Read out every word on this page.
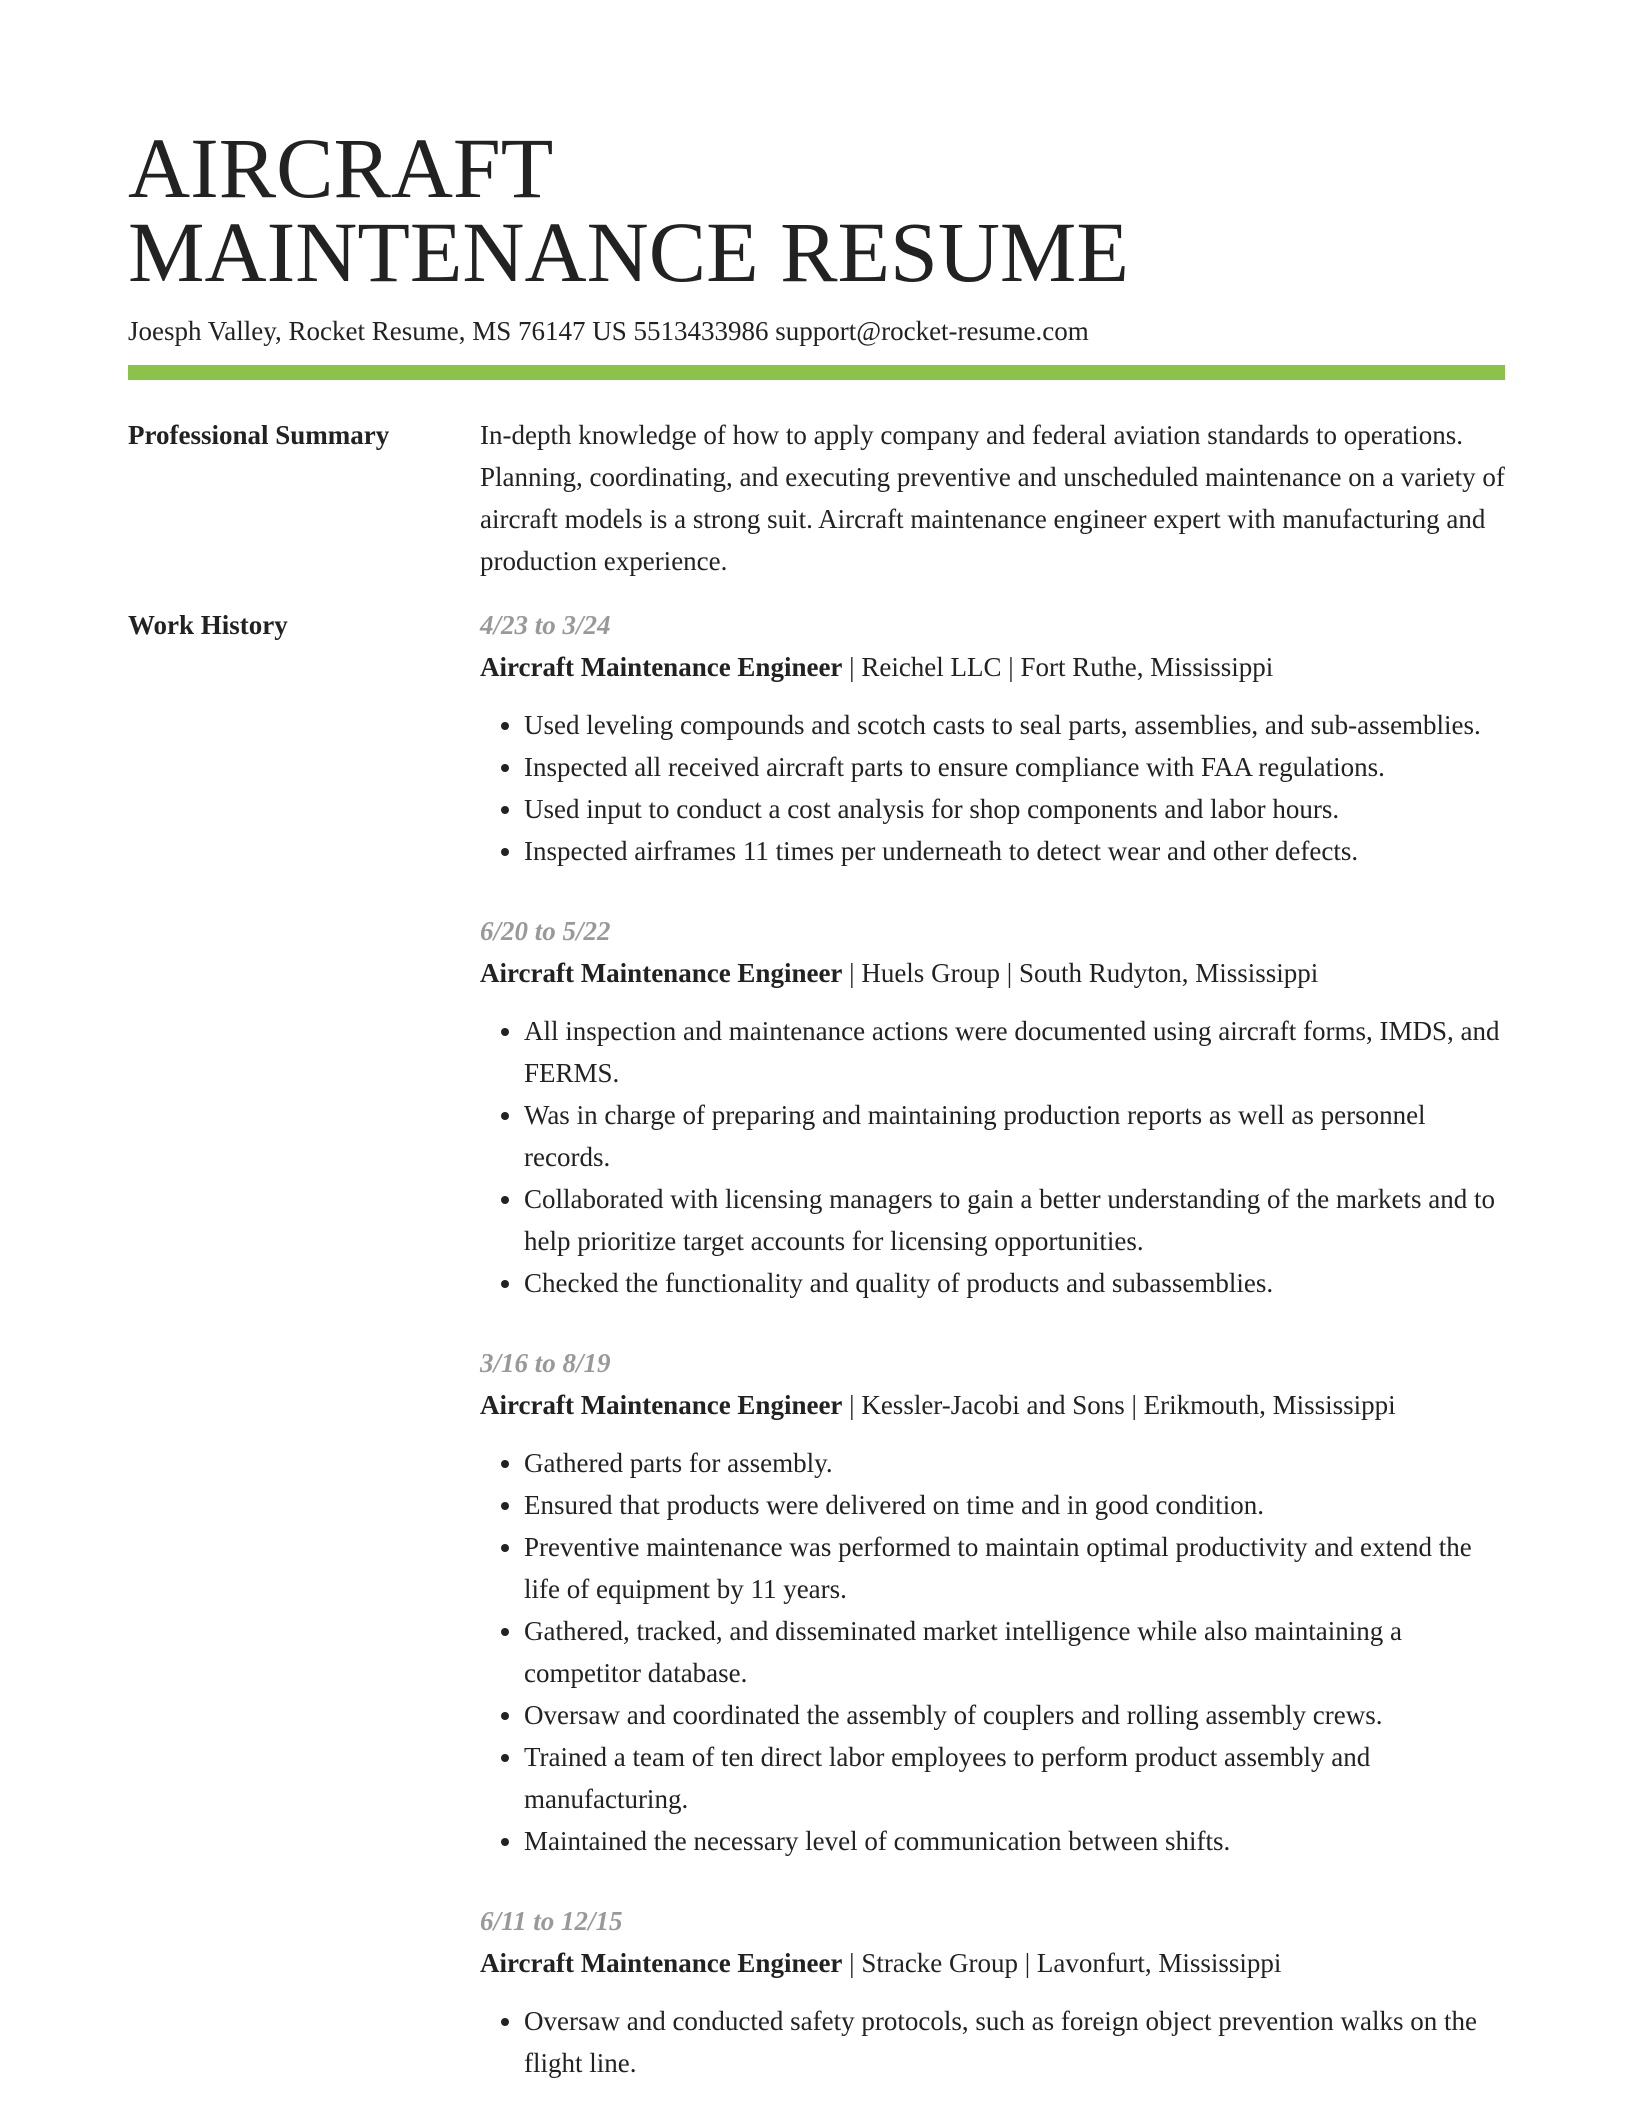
AIRCRAFT
MAINTENANCE RESUME
Joesph Valley, Rocket Resume, MS 76147 US 5513433986 support@rocket-resume.com
Professional Summary	In-depth knowledge of how to apply company and federal aviation standards to operations. Planning, coordinating, and executing preventive and unscheduled maintenance on a variety of aircraft models is a strong suit. Aircraft maintenance engineer expert with manufacturing and production experience.
Work History	4/23 to 3/24
Aircraft Maintenance Engineer | Reichel LLC | Fort Ruthe, Mississippi
• Used leveling compounds and scotch casts to seal parts, assemblies, and sub-assemblies.
• Inspected all received aircraft parts to ensure compliance with FAA regulations.
• Used input to conduct a cost analysis for shop components and labor hours.
• Inspected airframes 11 times per underneath to detect wear and other defects.
6/20 to 5/22
Aircraft Maintenance Engineer | Huels Group | South Rudyton, Mississippi
• All inspection and maintenance actions were documented using aircraft forms, IMDS, and FERMS.
• Was in charge of preparing and maintaining production reports as well as personnel records.
• Collaborated with licensing managers to gain a better understanding of the markets and to help prioritize target accounts for licensing opportunities.
• Checked the functionality and quality of products and subassemblies.
3/16 to 8/19
Aircraft Maintenance Engineer | Kessler-Jacobi and Sons | Erikmouth, Mississippi
• Gathered parts for assembly.
• Ensured that products were delivered on time and in good condition.
• Preventive maintenance was performed to maintain optimal productivity and extend the life of equipment by 11 years.
• Gathered, tracked, and disseminated market intelligence while also maintaining a competitor database.
• Oversaw and coordinated the assembly of couplers and rolling assembly crews.
• Trained a team of ten direct labor employees to perform product assembly and manufacturing.
• Maintained the necessary level of communication between shifts.
6/11 to 12/15
Aircraft Maintenance Engineer | Stracke Group | Lavonfurt, Mississippi
• Oversaw and conducted safety protocols, such as foreign object prevention walks on the flight line.
